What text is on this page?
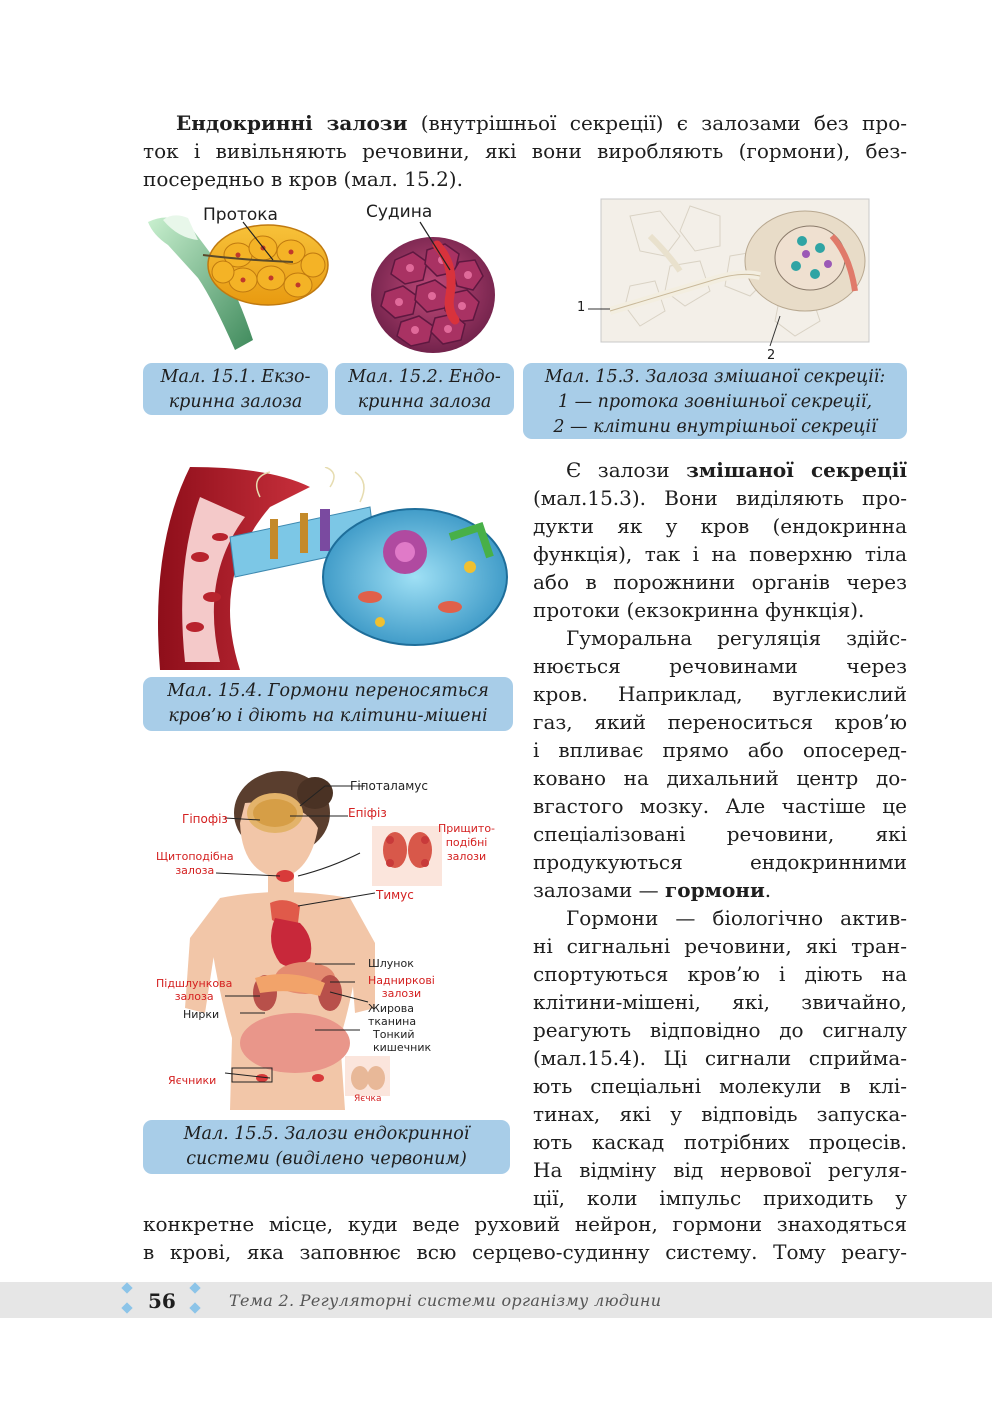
Ендокринні залози (внутрішньої секреції) є залозами без про-

ток і вивільняють речовини, які вони виробляють (гормони), без-

посередньо в кров (мал. 15.2).

Протока	Судина
1
2
Мал. 15.1. Екзо-
кринна залоза
Мал. 15.2. Ендо-
кринна залоза
Мал. 15.3. Залоза змішаної секреції:
1 — протока зовнішньої секреції,
2 — клітини внутрішньої секреції
Мал. 15.4. Гормони переносяться
кров’ю і діють на клітини-мішені
Гіпоталамус
Гіпофіз	Епіфіз
Прищито-
подібні
залози
Щитоподібна
залоза
Тимус
Шлунок
Надниркові
залози
Підшлункова
залоза
Нирки	Жирова
тканина
Тонкий
кишечник
Яєчники
Яєчка
Мал. 15.5. Залози ендокринної
системи (виділено червоним)

Є залози змішаної секреції

(мал.15.3). Вони виділяють про-

дукти як у кров (ендокринна

функція), так і на поверхню тіла

або в порожнини органів через

протоки (екзокринна функція).

Гуморальна регуляція здійс-

нюється речовинами через

кров. Наприклад, вуглекислий

газ, який переноситься кров’ю

і впливає прямо або опосеред-

ковано на дихальний центр до-

вгастого мозку. Але частіше це

спеціалізовані речовини, які

продукуються ендокринними

залозами — гормони.

Гормони — біологічно актив-

ні сигнальні речовини, які тран-

спортуються кров’ю і діють на

клітини-мішені, які, звичайно,

реагують відповідно до сигналу

(мал.15.4). Ці сигнали сприйма-

ють спеціальні молекули в клі-

тинах, які у відповідь запуска-

ють каскад потрібних процесів.

На відміну від нервової регуля-

ції, коли імпульс приходить у

конкретне місце, куди веде руховий нейрон, гормони знаходяться

в крові, яка заповнює всю серцево-судинну систему. Тому реагу-

56	Тема 2. Регуляторні системи організму людини
